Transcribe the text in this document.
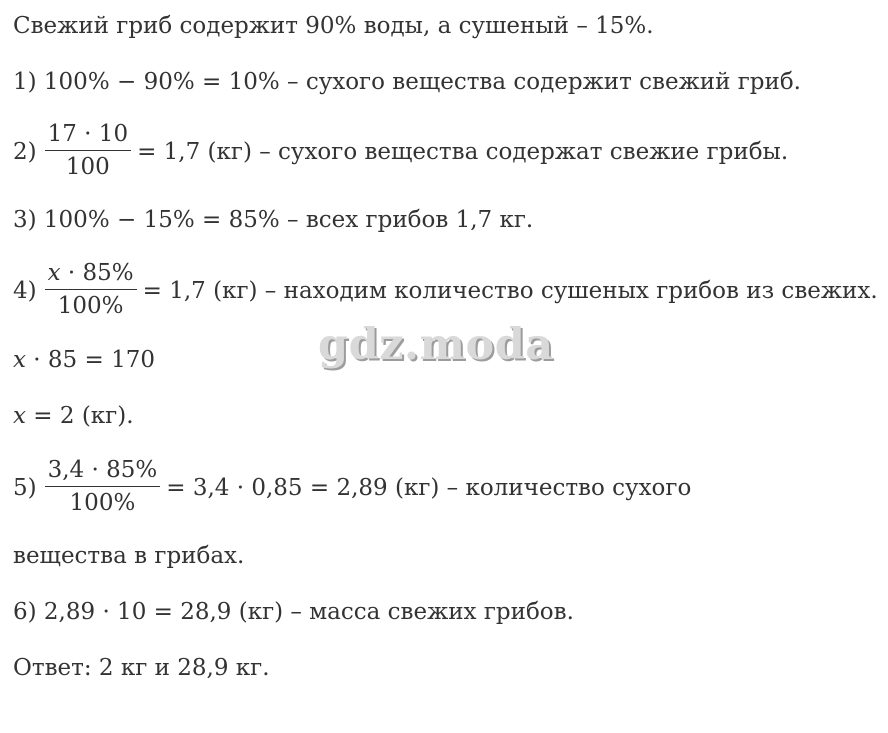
Свежий гриб содержит 90% воды, а сушеный – 15%.
1) 100% − 90% = 10% – сухого вещества содержит свежий гриб.
$2) \frac{17 \cdot 10}{100} = 1,7$ (кг) – сухого вещества содержат свежие грибы.
3) 100% − 15% = 85% – всех грибов 1,7 кг.
$4) \frac{x \cdot 85\%}{100\%} = 1,7$ (кг) – находим количество сушеных грибов из свежих.
x · 85 = 170
x = 2 (кг).
$5) \frac{3,4 \cdot 85\%}{100\%} = 3,4 \cdot 0,85 = 2,89$ (кг) – количество сухого
вещества в грибах.
6) 2,89 · 10 = 28,9 (кг) – масса свежих грибов.
Ответ: 2 кг и 28,9 кг.
gdz.moda
